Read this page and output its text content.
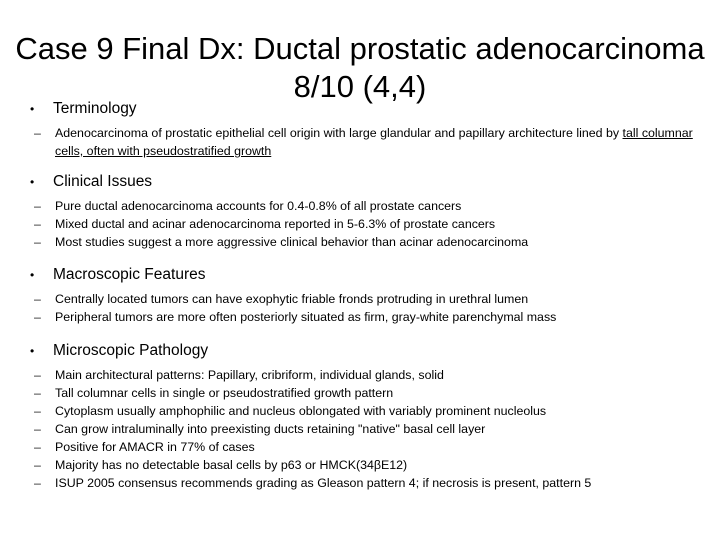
Case 9 Final Dx: Ductal prostatic adenocarcinoma 8/10 (4,4)
•	Terminology
–	Adenocarcinoma of prostatic epithelial cell origin with large glandular and papillary architecture lined by tall columnar cells, often with pseudostratified growth
•	Clinical Issues
–	Pure ductal adenocarcinoma accounts for 0.4-0.8% of all prostate cancers
–	Mixed ductal and acinar adenocarcinoma reported in 5-6.3% of prostate cancers
–	Most studies suggest a more aggressive clinical behavior than acinar adenocarcinoma
•	Macroscopic Features
–	Centrally located tumors can have exophytic friable fronds protruding in urethral lumen
–	Peripheral tumors are more often posteriorly situated as firm, gray-white parenchymal mass
•	Microscopic Pathology
–	Main architectural patterns: Papillary, cribriform, individual glands, solid
–	Tall columnar cells in single or pseudostratified growth pattern
–	Cytoplasm usually amphophilic and nucleus oblongated with variably prominent nucleolus
–	Can grow intraluminally into preexisting ducts retaining "native" basal cell layer
–	Positive for AMACR in 77% of cases
–	Majority has no detectable basal cells by p63 or HMCK(34βE12)
–	ISUP 2005 consensus recommends grading as Gleason pattern 4; if necrosis is present, pattern 5
